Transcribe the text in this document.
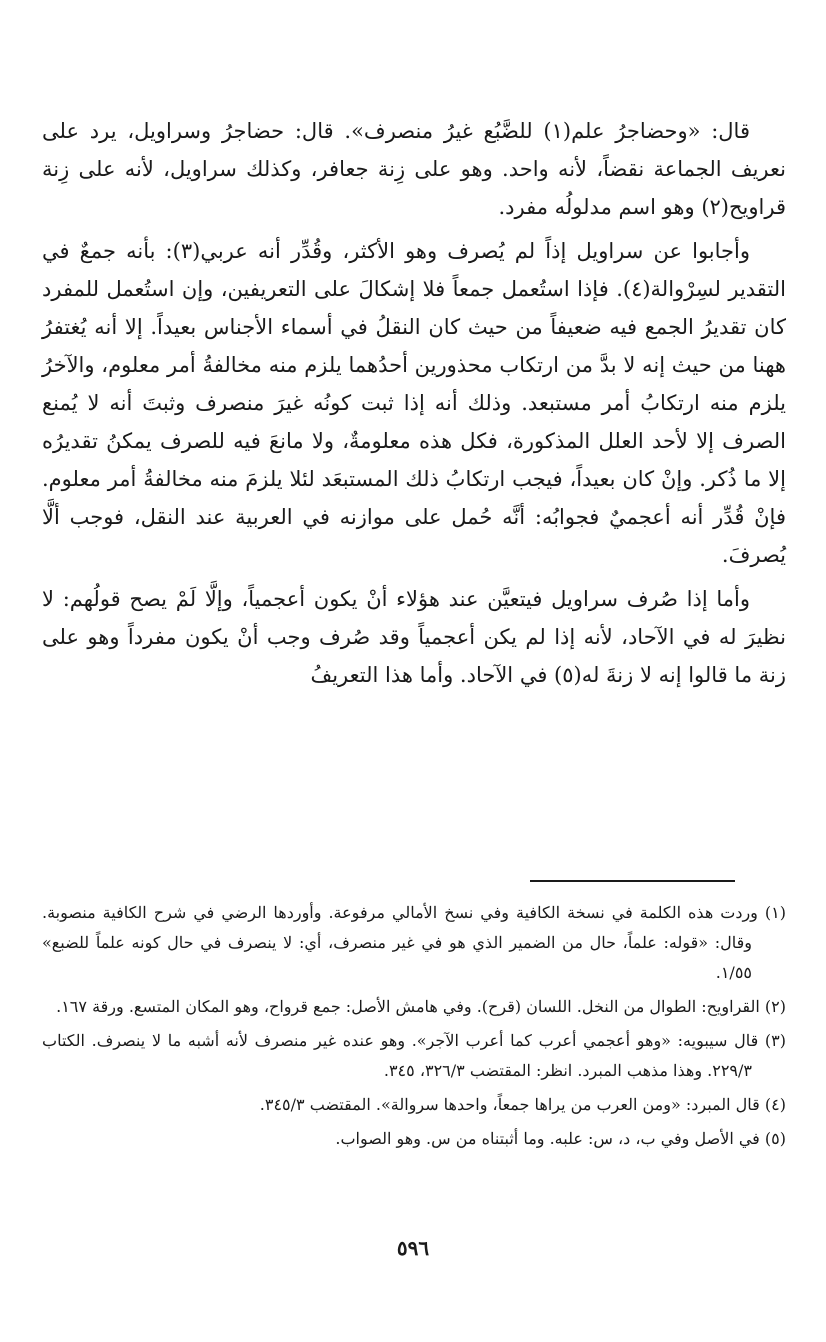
قال: «وحضاجرُ علم(١) للضَّبُع غيرُ منصرف». قال: حضاجرُ وسراويل، يرد على نعريف الجماعة نقضاً، لأنه واحد. وهو على زِنة جعافر، وكذلك سراويل، لأنه على زِنة قراويح(٢) وهو اسم مدلولُه مفرد.

وأجابوا عن سراويل إذاً لم يُصرف وهو الأكثر، وقُدِّر أنه عربي(٣): بأنه جمعٌ في التقدير لسِرْوالة(٤). فإذا استُعمل جمعاً فلا إشكالَ على التعريفين، وإن استُعمل للمفرد كان تقديرُ الجمع فيه ضعيفاً من حيث كان النقلُ في أسماء الأجناس بعيداً. إلا أنه يُغتفرُ ههنا من حيث إنه لا بدَّ من ارتكاب محذورين أحدُهما يلزم منه مخالفةُ أمر معلوم، والآخرُ يلزم منه ارتكابُ أمر مستبعد. وذلك أنه إذا ثبت كونُه غيرَ منصرف وثبتَ أنه لا يُمنع الصرف إلا لأحد العلل المذكورة، فكل هذه معلومةٌ، ولا مانعَ فيه للصرف يمكنُ تقديرُه إلا ما ذُكر. وإنْ كان بعيداً، فيجب ارتكابُ ذلك المستبعَد لئلا يلزمَ منه مخالفةُ أمر معلوم. فإنْ قُدِّر أنه أعجميٌ فجوابُه: أنَّه حُمل على موازنه في العربية عند النقل، فوجب ألَّا يُصرفَ.

وأما إذا صُرف سراويل فيتعيَّن عند هؤلاء أنْ يكون أعجمياً، وإلَّا لَمْ يصح قولُهم: لا نظيرَ له في الآحاد، لأنه إذا لم يكن أعجمياً وقد صُرف وجب أنْ يكون مفرداً وهو على زنة ما قالوا إنه لا زنةَ له(٥) في الآحاد. وأما هذا التعريفُ

(١) وردت هذه الكلمة في نسخة الكافية وفي نسخ الأمالي مرفوعة. وأوردها الرضي في شرح الكافية منصوبة. وقال: «قوله: علماً، حال من الضمير الذي هو في غير منصرف، أي: لا ينصرف في حال كونه علماً للضبع» ١/٥٥.

(٢) القراويح: الطوال من النخل. اللسان (قرح). وفي هامش الأصل: جمع قرواح، وهو المكان المتسع. ورقة ١٦٧.

(٣) قال سيبويه: «وهو أعجمي أعرب كما أعرب الآجر». وهو عنده غير منصرف لأنه أشبه ما لا ينصرف. الكتاب ٢٢٩/٣. وهذا مذهب المبرد. انظر: المقتضب ٣٢٦/٣، ٣٤٥.

(٤) قال المبرد: «ومن العرب من يراها جمعاً، واحدها سروالة». المقتضب ٣٤٥/٣.

(٥) في الأصل وفي ب، د، س: علبه. وما أثبتناه من س. وهو الصواب.

٥٩٦
